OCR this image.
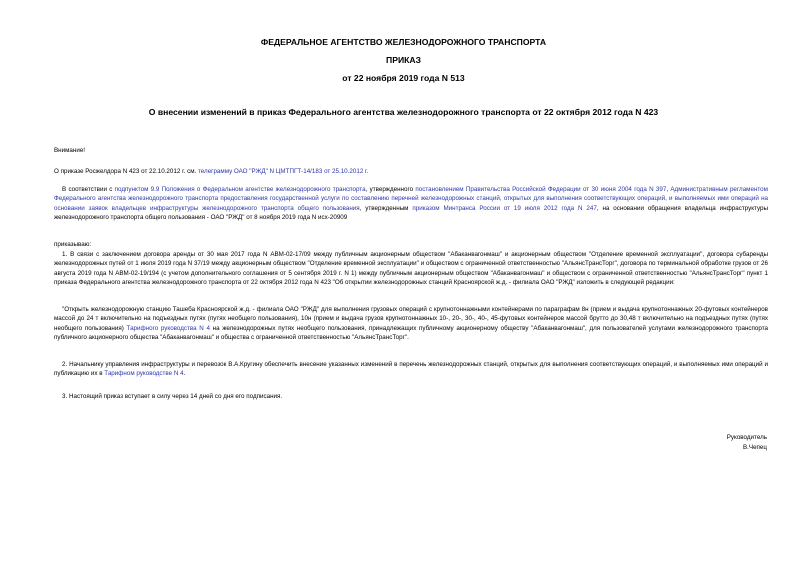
ФЕДЕРАЛЬНОЕ АГЕНТСТВО ЖЕЛЕЗНОДОРОЖНОГО ТРАНСПОРТА
ПРИКАЗ
от 22 ноября 2019 года N 513
О внесении изменений в приказ Федерального агентства железнодорожного транспорта от 22 октября 2012 года N 423
Внимание!
О приказе Росжелдора N 423 от 22.10.2012 г. см. телеграмму ОАО "РЖД" N ЦМТПГТ-14/183 от 25.10.2012 г.
В соответствии с подпунктом 9.9 Положения о Федеральном агентстве железнодорожного транспорта, утвержденного постановлением Правительства Российской Федерации от 30 июня 2004 года N 397, Административным регламентом Федерального агентства железнодорожного транспорта предоставления государственной услуги по составлению перечней железнодорожных станций, открытых для выполнения соответствующих операций, и выполняемых ими операций на основании заявок владельцев инфраструктуры железнодорожного транспорта общего пользования, утвержденным приказом Минтранса России от 19 июля 2012 года N 247, на основании обращения владельца инфраструктуры железнодорожного транспорта общего пользования - ОАО "РЖД" от 8 ноября 2019 года N исх-20909
приказываю:
1. В связи с заключением договора аренды от 30 мая 2017 года N АВМ-02-17/09 между публичным акционерным обществом "Абаканвагонмаш" и акционерным обществом "Отделение временной эксплуатации", договора субаренды железнодорожных путей от 1 июля 2019 года N 37/19 между акционерным обществом "Отделение временной эксплуатации" и обществом с ограниченной ответственностью "АльянсТрансТорг", договора по терминальной обработке грузов от 26 августа 2019 года N АВМ-02-19/194 (с учетом дополнительного соглашения от 5 сентября 2019 г. N 1) между публичным акционерным обществом "Абаканвагонмаш" и обществом с ограниченной ответственностью "АльянсТрансТорг" пункт 1 приказа Федерального агентства железнодорожного транспорта от 22 октября 2012 года N 423 "Об открытии железнодорожных станций Красноярской ж.д. - филиала ОАО "РЖД" изложить в следующей редакции:
"Открыть железнодорожную станцию Ташеба Красноярской ж.д. - филиала ОАО "РЖД" для выполнения грузовых операций с крупнотоннажными контейнерами по параграфам 8н (прием и выдача крупнотоннажных 20-футовых контейнеров массой до 24 т включительно на подъездных путях (путях необщего пользования), 10н (прием и выдача грузов крупнотоннажных 10-, 20-, 30-, 40-, 45-футовых контейнеров массой брутто до 30,48 т включительно на подъездных путях (путях необщего пользования) Тарифного руководства N 4 на железнодорожных путях необщего пользования, принадлежащих публичному акционерному обществу "Абаканвагонмаш", для пользователей услугами железнодорожного транспорта публичного акционерного общества "Абаканвагонмаш" и общества с ограниченной ответственностью "АльянсТрансТорг".
2. Начальнику управления инфраструктуры и перевозок В.А.Кругину обеспечить внесение указанных изменений в перечень железнодорожных станций, открытых для выполнения соответствующих операций, и выполняемых ими операций и публикацию их в Тарифном руководстве N 4.
3. Настоящий приказ вступает в силу через 14 дней со дня его подписания.
Руководитель
В.Чепец
